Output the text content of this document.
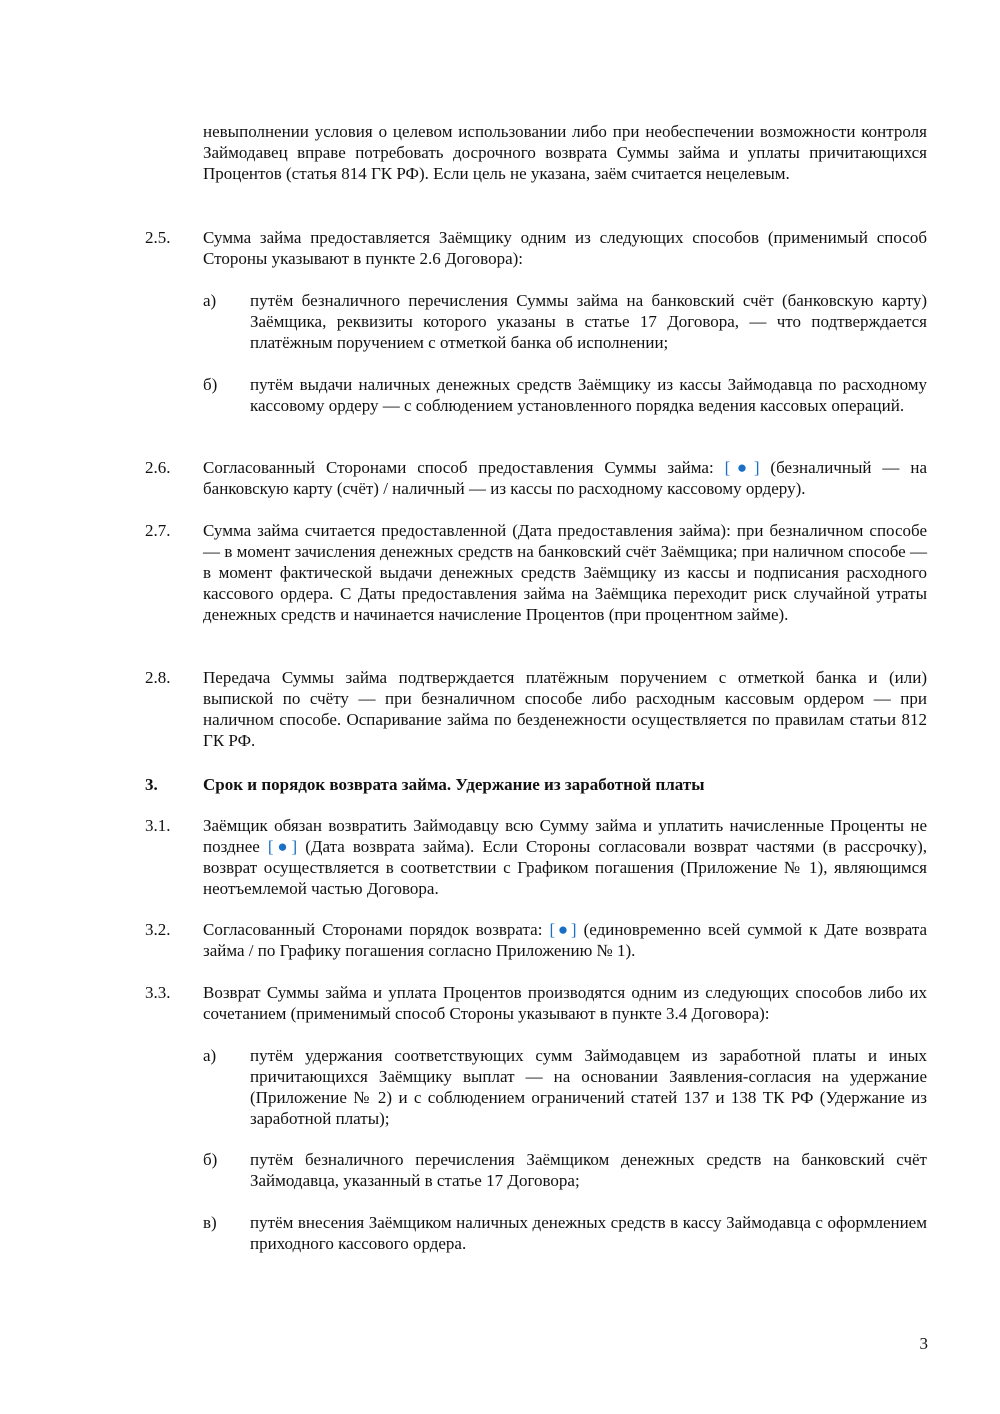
невыполнении условия о целевом использовании либо при необеспечении возможности контроля Займодавец вправе потребовать досрочного возврата Суммы займа и уплаты причитающихся Процентов (статья 814 ГК РФ). Если цель не указана, заём считается нецелевым.
2.5. Сумма займа предоставляется Заёмщику одним из следующих способов (применимый способ Стороны указывают в пункте 2.6 Договора):
а) путём безналичного перечисления Суммы займа на банковский счёт (банковскую карту) Заёмщика, реквизиты которого указаны в статье 17 Договора, — что подтверждается платёжным поручением с отметкой банка об исполнении;
б) путём выдачи наличных денежных средств Заёмщику из кассы Займодавца по расходному кассовому ордеру — с соблюдением установленного порядка ведения кассовых операций.
2.6. Согласованный Сторонами способ предоставления Суммы займа: [●] (безналичный — на банковскую карту (счёт) / наличный — из кассы по расходному кассовому ордеру).
2.7. Сумма займа считается предоставленной (Дата предоставления займа): при безналичном способе — в момент зачисления денежных средств на банковский счёт Заёмщика; при наличном способе — в момент фактической выдачи денежных средств Заёмщику из кассы и подписания расходного кассового ордера. С Даты предоставления займа на Заёмщика переходит риск случайной утраты денежных средств и начинается начисление Процентов (при процентном займе).
2.8. Передача Суммы займа подтверждается платёжным поручением с отметкой банка и (или) выпиской по счёту — при безналичном способе либо расходным кассовым ордером — при наличном способе. Оспаривание займа по безденежности осуществляется по правилам статьи 812 ГК РФ.
3.	Срок и порядок возврата займа. Удержание из заработной платы
3.1. Заёмщик обязан возвратить Займодавцу всю Сумму займа и уплатить начисленные Проценты не позднее [●] (Дата возврата займа). Если Стороны согласовали возврат частями (в рассрочку), возврат осуществляется в соответствии с Графиком погашения (Приложение № 1), являющимся неотъемлемой частью Договора.
3.2. Согласованный Сторонами порядок возврата: [●] (единовременно всей суммой к Дате возврата займа / по Графику погашения согласно Приложению № 1).
3.3. Возврат Суммы займа и уплата Процентов производятся одним из следующих способов либо их сочетанием (применимый способ Стороны указывают в пункте 3.4 Договора):
а) путём удержания соответствующих сумм Займодавцем из заработной платы и иных причитающихся Заёмщику выплат — на основании Заявления-согласия на удержание (Приложение № 2) и с соблюдением ограничений статей 137 и 138 ТК РФ (Удержание из заработной платы);
б) путём безналичного перечисления Заёмщиком денежных средств на банковский счёт Займодавца, указанный в статье 17 Договора;
в) путём внесения Заёмщиком наличных денежных средств в кассу Займодавца с оформлением приходного кассового ордера.
3
